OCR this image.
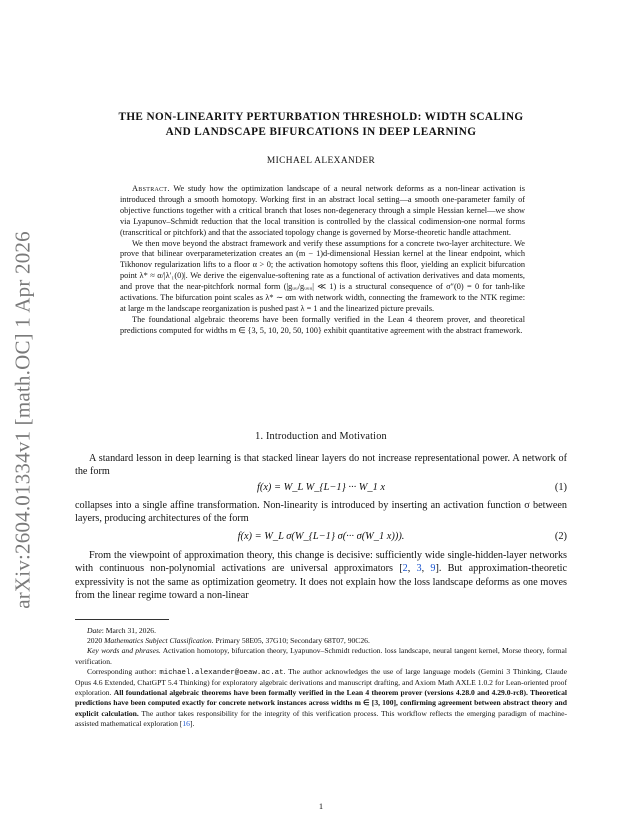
arXiv:2604.01334v1 [math.OC] 1 Apr 2026
THE NON-LINEARITY PERTURBATION THRESHOLD: WIDTH SCALING
AND LANDSCAPE BIFURCATIONS IN DEEP LEARNING
MICHAEL ALEXANDER

Abstract. We study how the optimization landscape of a neural network deforms as a non-linear activation is introduced through a smooth homotopy. Working first in an abstract local setting—a smooth one-parameter family of objective functions together with a critical branch that loses non-degeneracy through a simple Hessian kernel—we show via Lyapunov–Schmidt reduction that the local transition is controlled by the classical codimension-one normal forms (transcritical or pitchfork) and that the associated topology change is governed by Morse-theoretic handle attachment.

We then move beyond the abstract framework and verify these assumptions for a concrete two-layer architecture. We prove that bilinear overparameterization creates an (m − 1)d-dimensional Hessian kernel at the linear endpoint, which Tikhonov regularization lifts to a floor α > 0; the activation homotopy softens this floor, yielding an explicit bifurcation point λ* ≈ α/|λ′₁(0)|. We derive the eigenvalue-softening rate as a functional of activation derivatives and data moments, and prove that the near-pitchfork normal form (|gᵤᵤ/gᵤᵤᵤ| ≪ 1) is a structural consequence of σ″(0) = 0 for tanh-like activations. The bifurcation point scales as λ* ∼ αm with network width, connecting the framework to the NTK regime: at large m the landscape reorganization is pushed past λ = 1 and the linearized picture prevails.

The foundational algebraic theorems have been formally verified in the Lean 4 theorem prover, and theoretical predictions computed for widths m ∈ {3, 5, 10, 20, 50, 100} exhibit quantitative agreement with the abstract framework.

1. Introduction and Motivation

A standard lesson in deep learning is that stacked linear layers do not increase representational power. A network of the form

f(x) = W_L W_{L−1} ··· W_1 x	(1)

collapses into a single affine transformation. Non-linearity is introduced by inserting an activation function σ between layers, producing architectures of the form

f(x) = W_L σ(W_{L−1} σ(··· σ(W_1 x))).	(2)

From the viewpoint of approximation theory, this change is decisive: sufficiently wide single-hidden-layer networks with continuous non-polynomial activations are universal approximators [2, 3, 9]. But approximation-theoretic expressivity is not the same as optimization geometry. It does not explain how the loss landscape deforms as one moves from the linear regime toward a non-linear

Date: March 31, 2026.

2020 Mathematics Subject Classification. Primary 58E05, 37G10; Secondary 68T07, 90C26.

Key words and phrases. Activation homotopy, bifurcation theory, Lyapunov–Schmidt reduction. loss landscape, neural tangent kernel, Morse theory, formal verification.

Corresponding author: michael.alexander@oeaw.ac.at. The author acknowledges the use of large language models (Gemini 3 Thinking, Claude Opus 4.6 Extended, ChatGPT 5.4 Thinking) for exploratory algebraic derivations and manuscript drafting, and Axiom Math AXLE 1.0.2 for Lean-oriented proof exploration. All foundational algebraic theorems have been formally verified in the Lean 4 theorem prover (versions 4.28.0 and 4.29.0-rc8). Theoretical predictions have been computed exactly for concrete network instances across widths m ∈ [3, 100], confirming agreement between abstract theory and explicit calculation. The author takes responsibility for the integrity of this verification process. This workflow reflects the emerging paradigm of machine-assisted mathematical exploration [16].

1
